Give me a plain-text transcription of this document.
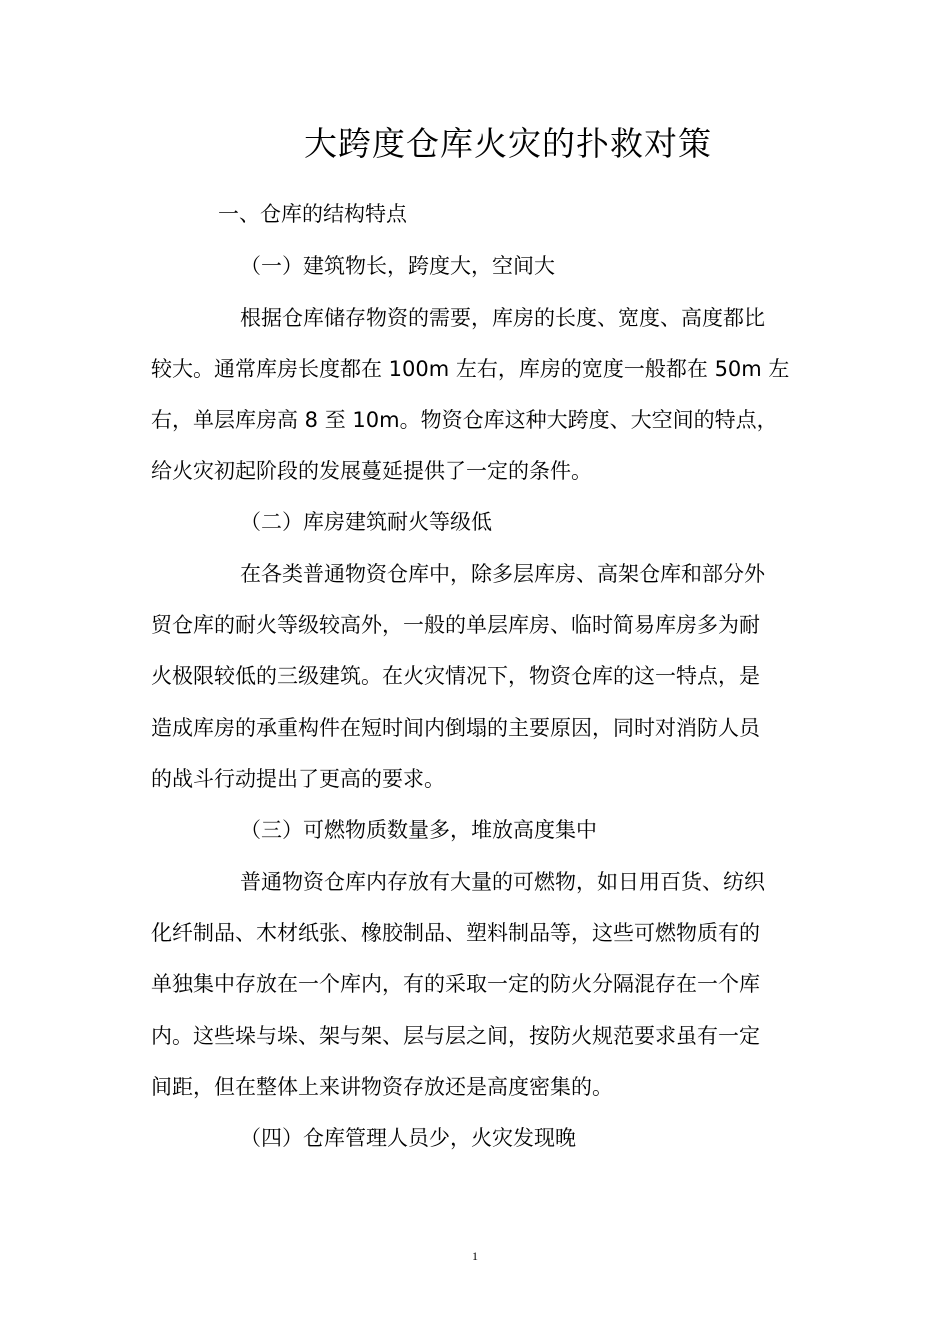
大跨度仓库火灾的扑救对策

一、仓库的结构特点

（一）建筑物长，跨度大，空间大

根据仓库储存物资的需要，库房的长度、宽度、高度都比

较大。通常库房长度都在 100m 左右，库房的宽度一般都在 50m 左

右，单层库房高 8 至 10m。物资仓库这种大跨度、大空间的特点，

给火灾初起阶段的发展蔓延提供了一定的条件。

（二）库房建筑耐火等级低

在各类普通物资仓库中，除多层库房、高架仓库和部分外

贸仓库的耐火等级较高外，一般的单层库房、临时简易库房多为耐

火极限较低的三级建筑。在火灾情况下，物资仓库的这一特点，是

造成库房的承重构件在短时间内倒塌的主要原因，同时对消防人员

的战斗行动提出了更高的要求。

（三）可燃物质数量多，堆放高度集中

普通物资仓库内存放有大量的可燃物，如日用百货、纺织

化纤制品、木材纸张、橡胶制品、塑料制品等，这些可燃物质有的

单独集中存放在一个库内，有的采取一定的防火分隔混存在一个库

内。这些垛与垛、架与架、层与层之间，按防火规范要求虽有一定

间距，但在整体上来讲物资存放还是高度密集的。

（四）仓库管理人员少，火灾发现晚

1
